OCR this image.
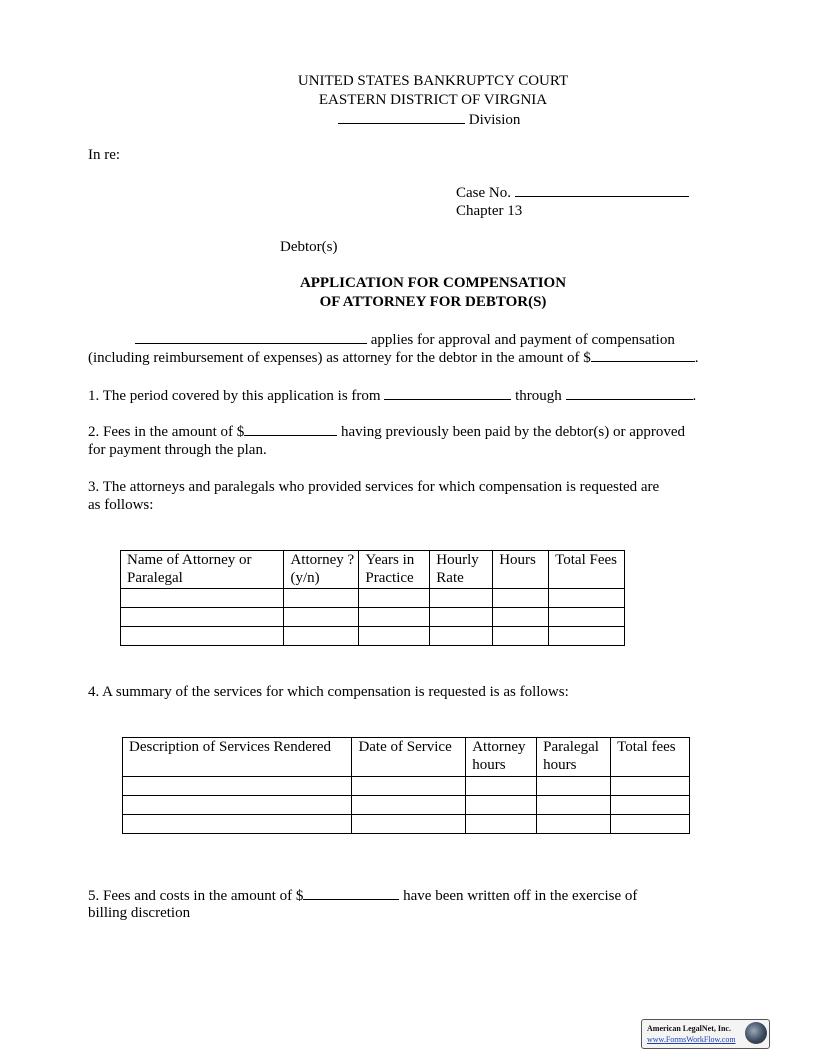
UNITED STATES BANKRUPTCY COURT
EASTERN DISTRICT OF VIRGNIA
Division
In re:
Case No.
Chapter 13
Debtor(s)
APPLICATION FOR COMPENSATION
OF ATTORNEY FOR DEBTOR(S)
applies for approval and payment of compensation
(including reimbursement of expenses) as attorney for the debtor in the amount of $	.
1. The period covered by this application is from	through	.
2. Fees in the amount of $	having previously been paid by the debtor(s) or approved
for payment through the plan.
3. The attorneys and paralegals who provided services for which compensation is requested are
as follows:
Name of Attorney or Paralegal	Attorney ? (y/n)	Years in Practice	Hourly Rate	Hours	Total Fees

4. A summary of the services for which compensation is requested is as follows:
Description of Services Rendered	Date of Service	Attorney hours	Paralegal hours	Total fees

5. Fees and costs in the amount of $	have been written off in the exercise of
billing discretion
American LegalNet, Inc.
www.FormsWorkFlow.com
